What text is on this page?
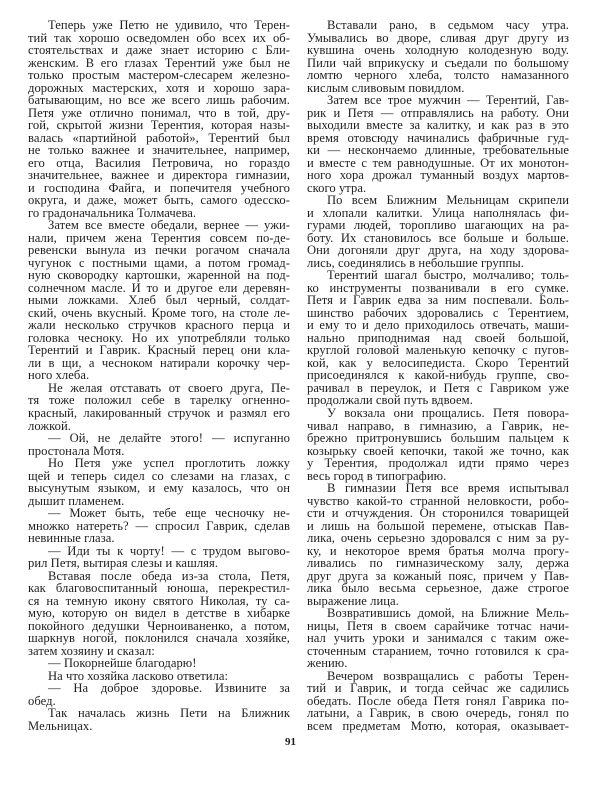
Теперь уже Петю не удивило, что Терен-
тий так хорошо осведомлен обо всех их об-
стоятельствах и даже знает историю с Бли-
женским. В его глазах Терентий уже был не
только простым мастером-слесарем железно-
дорожных мастерских, хотя и хорошо зара-
батывающим, но все же всего лишь рабочим.
Петя уже отлично понимал, что в той, дру-
гой, скрытой жизни Терентия, которая назы-
валась «партийной работой», Терентий был
не только важнее и значительнее, например,
его отца, Василия Петровича, но гораздо
значительнее, важнее и директора гимназии,
и господина Файга, и попечителя учебного
округа, и даже, может быть, самого одесско-
го градоначальника Толмачева.
Затем все вместе обедали, вернее — ужи-
нали, причем жена Терентия совсем по-де-
ревенски вынула из печки рогачом сначала
чугунок с постными щами, а потом громад-
ную сковородку картошки, жаренной на под-
солнечном масле. И то и другое ели деревян-
ными ложками. Хлеб был черный, солдат-
ский, очень вкусный. Кроме того, на столе ле-
жали несколько стручков красного перца и
головка чесноку. Но их употребляли только
Терентий и Гаврик. Красный перец они кла-
ли в щи, а чесноком натирали корочку чер-
ного хлеба.
Не желая отставать от своего друга, Пе-
тя тоже положил себе в тарелку огненно-
красный, лакированный стручок и размял его
ложкой.
— Ой, не делайте этого! — испуганно
простонала Мотя.
Но Петя уже успел проглотить ложку
щей и теперь сидел со слезами на глазах, с
высунутым языком, и ему казалось, что он
дышит пламенем.
— Может быть, тебе еще чесночку не-
множко натереть? — спросил Гаврик, сделав
невинные глаза.
— Иди ты к чорту! — с трудом выгово-
рил Петя, вытирая слезы и кашляя.
Вставая после обеда из-за стола, Петя,
как благовоспитанный юноша, перекрестил-
ся на темную икону святого Николая, ту са-
мую, которую он видел в детстве в хибарке
покойного дедушки Черноиваненко, а потом,
шаркнув ногой, поклонился сначала хозяйке,
затем хозяину и сказал:
— Покорнейше благодарю!
На что хозяйка ласково ответила:
— На доброе здоровье. Извините за
обед.
Так началась жизнь Пети на Ближник
Мельницах.
Вставали рано, в седьмом часу утра.
Умывались во дворе, сливая друг другу из
кувшина очень холодную колодезную воду.
Пили чай вприкуску и съедали по большому
ломтю черного хлеба, толсто намазанного
кислым сливовым повидлом.
Затем все трое мужчин — Терентий, Гав-
рик и Петя — отправлялись на работу. Они
выходили вместе за калитку, и как раз в это
время отовсюду начинались фабричные гуд-
ки — нескончаемо длинные, требовательные
и вместе с тем равнодушные. От их монотон-
ного хора дрожал туманный воздух мартов-
ского утра.
По всем Ближним Мельницам скрипели
и хлопали калитки. Улица наполнялась фи-
гурами людей, торопливо шагающих на ра-
боту. Их становилось все больше и больше.
Они догоняли друг друга, на ходу здорова-
лись, соединялись в небольшие группы.
Терентий шагал быстро, молчаливо; толь-
ко инструменты позванивали в его сумке.
Петя и Гаврик едва за ним поспевали. Боль-
шинство рабочих здоровались с Терентием,
и ему то и дело приходилось отвечать, маши-
нально приподнимая над своей большой,
круглой головой маленькую кепочку с пугов-
кой, как у велосипедиста. Скоро Терентий
присоединялся к какой-нибудь группе, сво-
рачивал в переулок, и Петя с Гавриком уже
продолжали свой путь вдвоем.
У вокзала они прощались. Петя повора-
чивал направо, в гимназию, а Гаврик, не-
брежно притронувшись большим пальцем к
козырьку своей кепочки, такой же точно, как
у Терентия, продолжал идти прямо через
весь город в типографию.
В гимназии Петя все время испытывал
чувство какой-то странной неловкости, робо-
сти и отчуждения. Он сторонился товарищей
и лишь на большой перемене, отыскав Пав-
лика, очень серьезно здоровался с ним за ру-
ку, и некоторое время братья молча прогу-
ливались по гимназическому залу, держа
друг друга за кожаный пояс, причем у Пав-
лика было весьма серьезное, даже строгое
выражение лица.
Возвратившись домой, на Ближние Мель-
ницы, Петя в своем сарайчике тотчас начи-
нал учить уроки и занимался с таким оже-
сточенным старанием, точно готовился к сра-
жению.
Вечером возвращались с работы Терен-
тий и Гаврик, и тогда сейчас же садились
обедать. После обеда Петя гонял Гаврика по-
латыни, а Гаврик, в свою очередь, гонял по
всем предметам Мотю, которая, оказывает-
91
